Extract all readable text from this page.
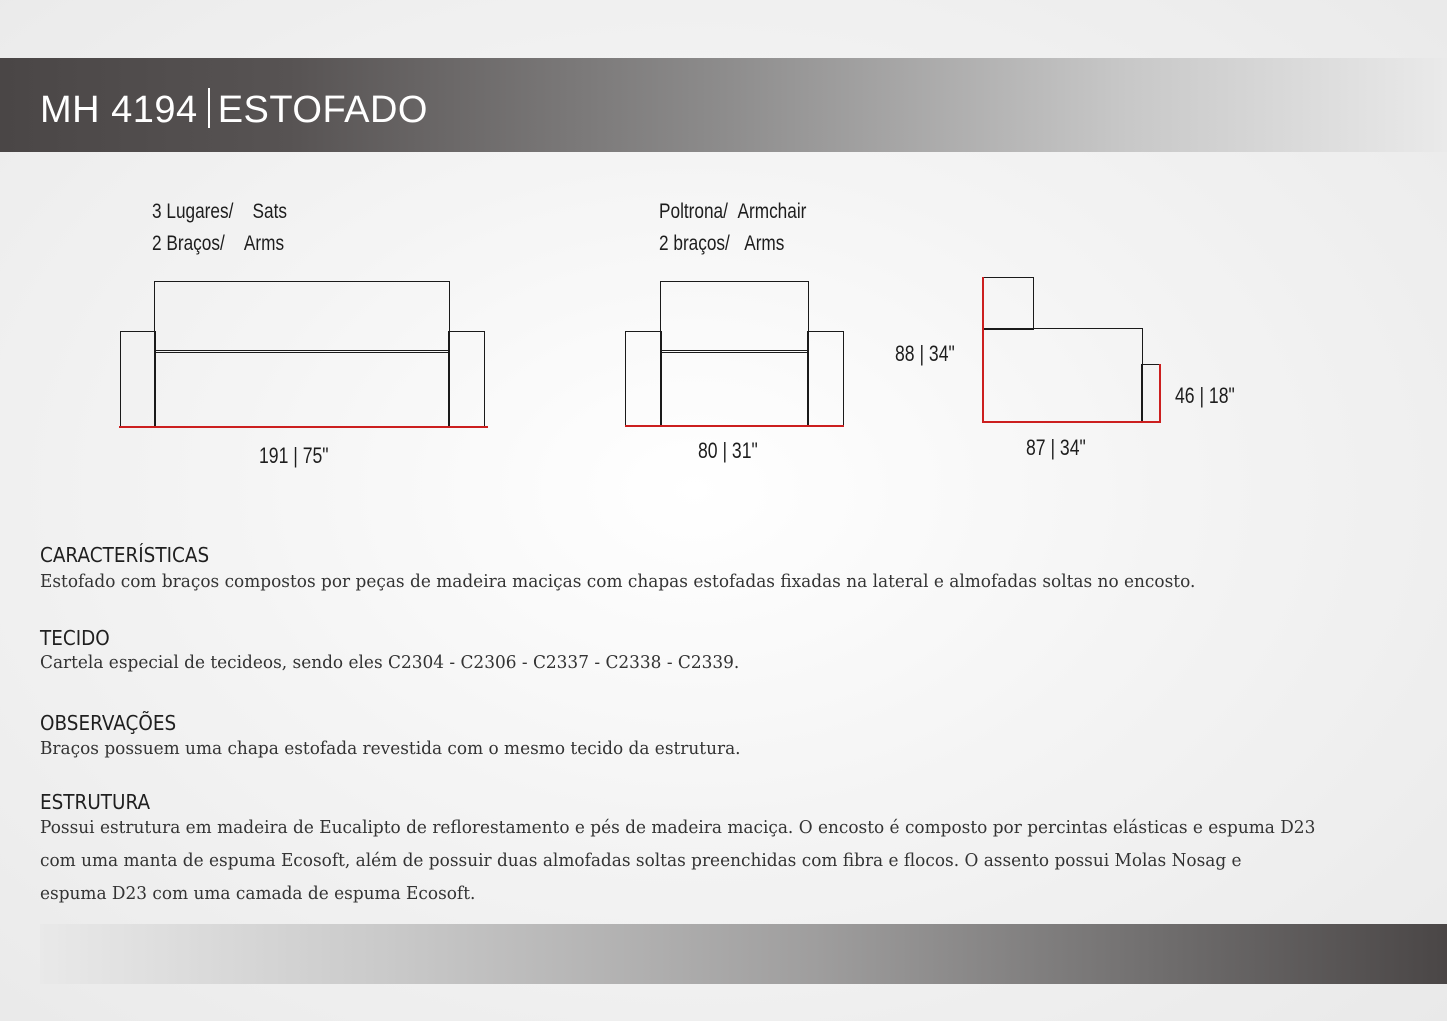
MH 4194 ESTOFADO
3 Lugares/ Sats
2 Braços/ Arms
191 | 75"
Poltrona/ Armchair
2 braços/ Arms
80 | 31"
88 | 34"
46 | 18"
87 | 34"
CARACTERÍSTICAS
Estofado com braços compostos por peças de madeira maciças com chapas estofadas fixadas na lateral e almofadas soltas no encosto.
TECIDO
Cartela especial de tecideos, sendo eles C2304 - C2306 - C2337 - C2338 - C2339.
OBSERVAÇÕES
Braços possuem uma chapa estofada revestida com o mesmo tecido da estrutura.
ESTRUTURA
Possui estrutura em madeira de Eucalipto de reflorestamento e pés de madeira maciça. O encosto é composto por percintas elásticas e espuma D23
com uma manta de espuma Ecosoft, além de possuir duas almofadas soltas preenchidas com fibra e flocos. O assento possui Molas Nosag e
espuma D23 com uma camada de espuma Ecosoft.
